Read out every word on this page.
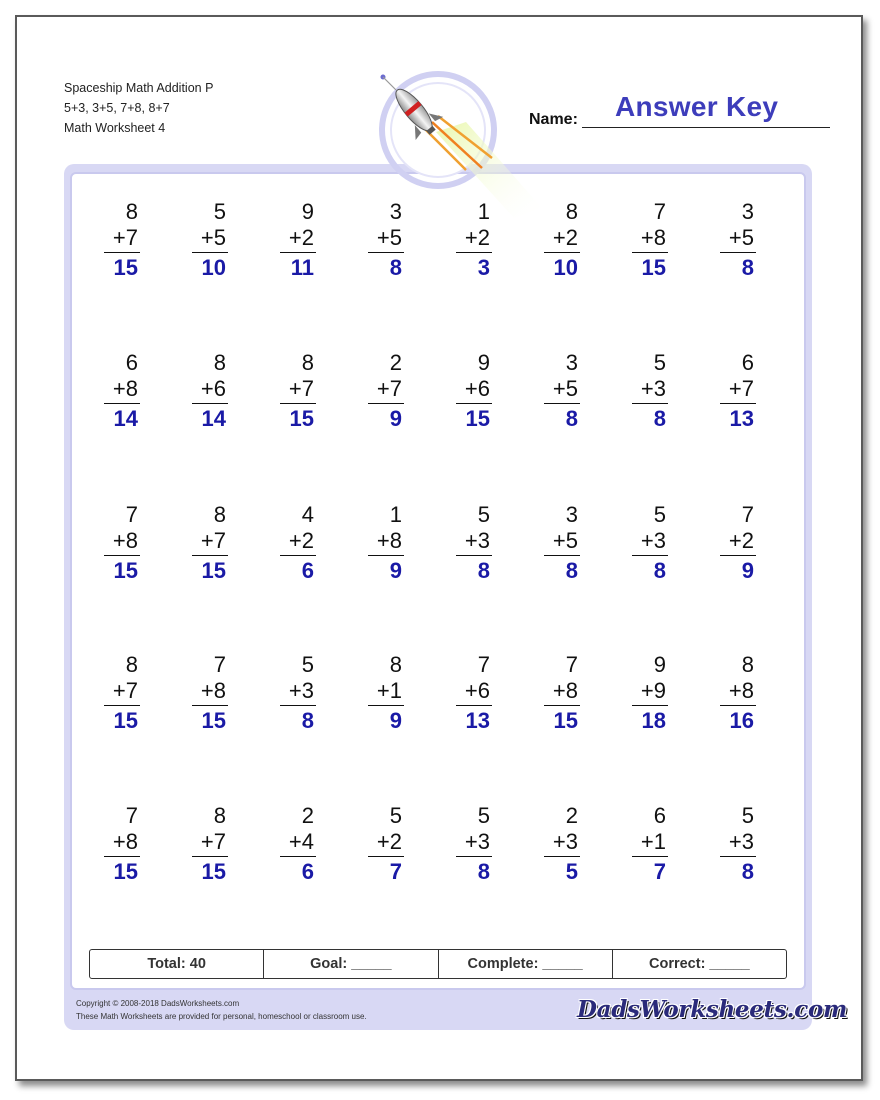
Spaceship Math Addition P
5+3, 3+5, 7+8, 8+7
Math Worksheet 4	Name: Answer Key
8
+7
15
5
+5
10
9
+2
11
3
+5
8
1
+2
3
8
+2
10
7
+8
15
3
+5
8
6
+8
14
8
+6
14
8
+7
15
2
+7
9
9
+6
15
3
+5
8
5
+3
8
6
+7
13
7
+8
15
8
+7
15
4
+2
6
1
+8
9
5
+3
8
3
+5
8
5
+3
8
7
+2
9
8
+7
15
7
+8
15
5
+3
8
8
+1
9
7
+6
13
7
+8
15
9
+9
18
8
+8
16
7
+8
15
8
+7
15
2
+4
6
5
+2
7
5
+3
8
2
+3
5
6
+1
7
5
+3
8
Total: 40	Goal: _____	Complete: _____	Correct: _____
Copyright © 2008-2018 DadsWorksheets.com
These Math Worksheets are provided for personal, homeschool or classroom use.	DadsWorksheets.com
